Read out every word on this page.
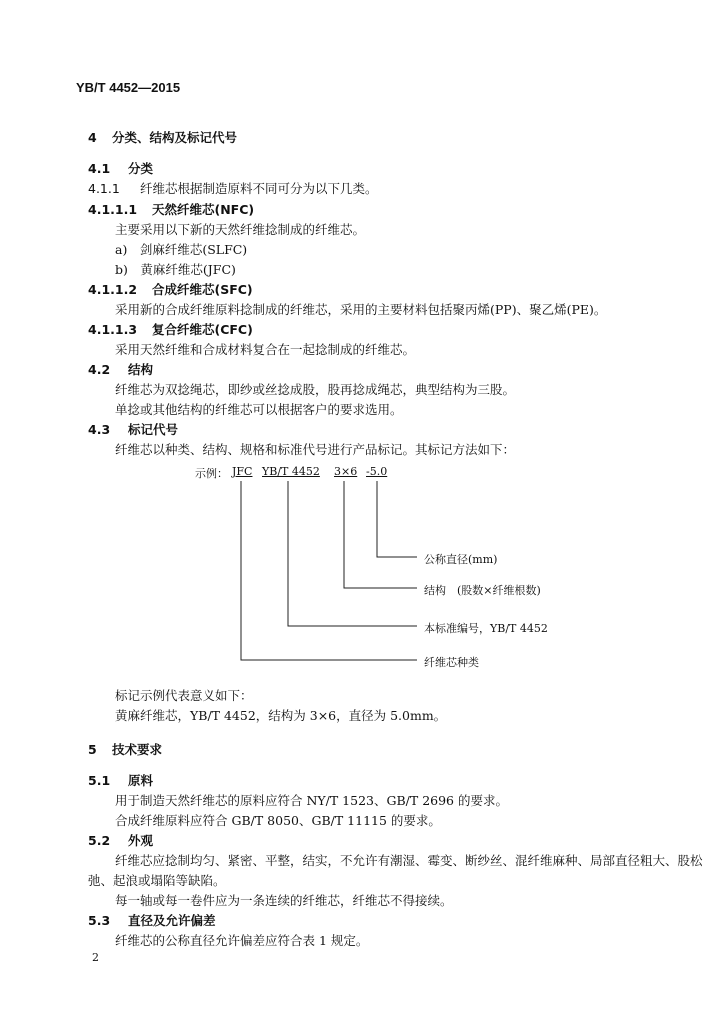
YB/T 4452—2015
4 分类、结构及标记代号
4.1 分类
4.1.1 纤维芯根据制造原料不同可分为以下几类。
4.1.1.1 天然纤维芯(NFC)
主要采用以下新的天然纤维捻制成的纤维芯。
a)　剑麻纤维芯(SLFC)
b)　黄麻纤维芯(JFC)
4.1.1.2 合成纤维芯(SFC)
采用新的合成纤维原料捻制成的纤维芯，采用的主要材料包括聚丙烯(PP)、聚乙烯(PE)。
4.1.1.3 复合纤维芯(CFC)
采用天然纤维和合成材料复合在一起捻制成的纤维芯。
4.2 结构
纤维芯为双捻绳芯，即纱或丝捻成股，股再捻成绳芯，典型结构为三股。
单捻或其他结构的纤维芯可以根据客户的要求选用。
4.3 标记代号
纤维芯以种类、结构、规格和标准代号进行产品标记。其标记方法如下：
示例： JFC YB/T 4452 3×6 -5.0
公称直径(mm)
结构　(股数×纤维根数)
本标准编号，YB/T 4452
纤维芯种类
标记示例代表意义如下：
黄麻纤维芯，YB/T 4452，结构为 3×6，直径为 5.0mm。
5 技术要求
5.1 原料
用于制造天然纤维芯的原料应符合 NY/T 1523、GB/T 2696 的要求。
合成纤维原料应符合 GB/T 8050、GB/T 11115 的要求。
5.2 外观
纤维芯应捻制均匀、紧密、平整，结实，不允许有潮湿、霉变、断纱丝、混纤维麻种、局部直径粗大、股松
弛、起浪或塌陷等缺陷。
每一轴或每一卷件应为一条连续的纤维芯，纤维芯不得接续。
5.3 直径及允许偏差
纤维芯的公称直径允许偏差应符合表 1 规定。
2
